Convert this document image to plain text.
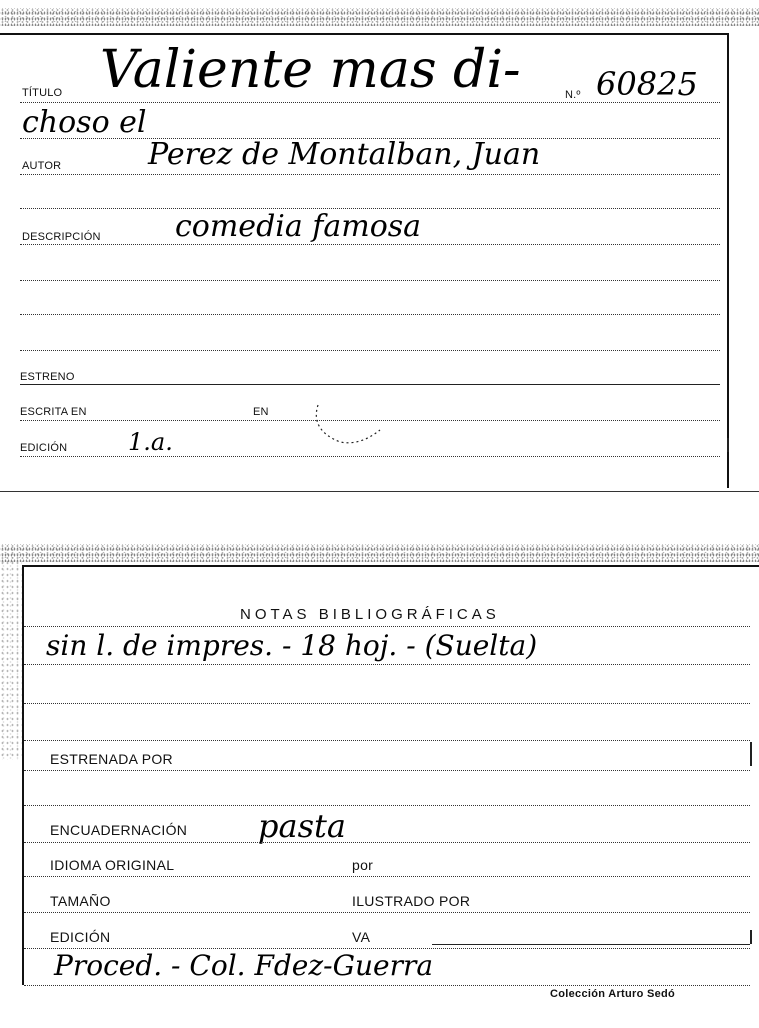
TÍTULO Valiente mas di-	N.º 60825
choso el
AUTOR	Perez de Montalban, Juan
DESCRIPCIÓN comedia famosa
ESTRENO
ESCRITA EN	EN
EDICIÓN	1.a.
NOTAS BIBLIOGRÁFICAS
sin l. de impres. - 18 hoj. - (Suelta)
ESTRENADA POR
ENCUADERNACIÓN pasta
IDIOMA ORIGINAL	por
TAMAÑO	ILUSTRADO POR
EDICIÓN	VA
Proced. - Col. Fdez-Guerra
Colección Arturo Sedó
